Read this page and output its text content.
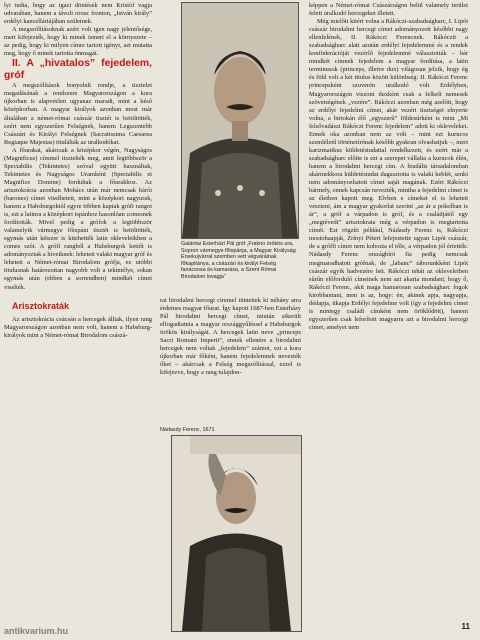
lyi tudta, hogy az igazi döntések nem Kristóf vagja udvarában, hanem a távoli orosz fronton, „István király” erdélyi kancelláriájában születnek.

A megszólításoknak azért volt igen nagy jelentősége, mert kifejezték, hogy ki minek ismert el a környezete – az pedig, hogy ki milyen címre tartott igényt, azt mutatta meg, hogy ő minek tartotta önmagát.

II. A „hivatalos” fejedelem, gróf

A megszólítások bonyolult rendje, a tisztelet megadásának a rendszere Magyarországon a kora újkorban is alapvetően ugyanaz maradt, mint a késő középkorban. A magyar királyok azonban most már általában a német-római császár tisztét is betöltötték, ezért nem egyszerűen Felségnek, hanem Legszentebb Császári és Királyi Felségnek (Sacratissima Caesarea Regiaque Majestas) titulálták az uralkodókat.

A főurakat, akárcsak a középkor végén, Nagyságos (Magnificus) címmel tisztelték meg, amit legtöbbször a Spectabilis (Tekintetes) szóval együtt használtak, Tekintetes és Nagyságos Uramként (Spectabilis et Magnifice Domine) fordultak a főurakhoz. Az arisztokrácia azonban Mohács után már nemcsak bárói (barones) címet viselhetett, mint a középkori nagyurak, hanem a Habsburgoktól egyre többen kaptak grófi rangot is, ezt a latinra a középkori ispánhoz hasonlóan comesnek fordították. Mivel pedig a grófok a legtöbbször valamelyik vármegye főispáni tisztét is betöltötték, egymás után kétszer is kitehették latin okleveleikben a comes szót. A grófi rangból a Habsburgok kettőt is adományoztak a híveiknek: lehetett valaki magyar gróf és lehetett a Német-római Birodalom grófja, ez utóbbi titulusnak határozottan nagyobb volt a tekintélye, sokan egymás után (ebben a sorrendben) mindkét címet viselték.

Arisztokraták

Az arisztokrácia csúcsán a hercegek álltak, ilyen rang Magyarországon azonban nem volt, hanem a Habsburg-királyok mint a Német-római Birodalom császá-

Galántai Esterházi Pál gróf „Frakno örökös ura, Sopron vármegye főispánja, a Magyar Királyság Érsekujvárral szemben vett végváráinak főkapitánya, a császári és királyi Felség fanácsosa és kamarása, a Szent Római Birodalom lovagja”

rai birodalmi hercegi címmel tüntettek ki néhány arra érdemes magyar főurat. Így kapott 1687-ben Esterházy Pál birodalmi hercegi címet, miután sikerült elfogadtatnia a magyar országgyűléssel a Habsburgok örökös királyságát. A hercegek latin neve „princeps Sacri Romani Imperii”, ennek ellenére a birodalmi hercegek nem voltak „fejedelem” számot, ezt a kora újkorban már főként, hanem fejedelemnek nevezték őket – akárcsak a Felség megszólítással, ezzel is kifejezve, hogy a rang tulajdon-

Nádasdy Ferenc, 1671

képpen a Német-római Császárságon belül valamely terület felett uralkodó hercegeket illetett.

Még mielőtt kitért volna a Rákóczi-szabadságharc, I. Lipót császár birodalmi hercegi címet adományozott későbbi nagy ellenfelének, II. Rákóczi Ferencnek. Rákóczit a szabadságharc alatt azután erdélyi fejedelemmé és a rendek konföderációját vezérlő fejedelemmé választották – bár mindkét címnek fejedelem a magyar fordítása, a latin terminusok (princeps, illetve dux) világosan jelzik, hogy ég és föld volt a két titulus között különbség: II. Rákóczi Ferenc princepsként szuverén uralkodó volt Erdélyben, Magyarországon viszont duxként csak a felkelt nemesek szövetségének „vezére”. Rákóczi azonban még azelőtt, hogy az erdélyi fejedelmi címet, akár vezéri tisztséget elnyerte volna, a birtokán élő „egyszerű” földesúrként is mint „Mi felsővadászi Rákóczi Ferenc fejedelem” adott ki okleveleket. Ennek oka azonban nem az volt – mint ezt kurucos szemléletű történetírónak később gyakran olvashatjuk –, mert karizmatikus küldetéstudattal rendelkezett, és ezért már a szabadságharc előtte is ezt a szerepet vállalta a kurucok élén, hanem a birodalmi hercegi cím. A feudális társadalomban akármekkora küldetéstudat dagasztotta is valaki keblét, senki nem adományozhatott címet saját magának. Ezért Rákóczi bármely, ennek kapcsán nevezték, mintha a fejedelmi címet is az életben kapott meg. Elvben e címeket el is lehetett veszteni, ám a magyar gyakorlat szerint „az ár a pokolban is ár”, a gróf a várpadon is gróf, és a családjától egy „megtévedt” arisztokrata még a vérpadon is megtartotta címét. Ezt rögzíti például, Nádasdy Ferenc is, Rákóczi mostohaapját, Zrínyi Pétert lefejeztette ugyan Lipót császár, de a gróffi címet nem kobozta el tőle, a vérpadon jól értették: Nádasdy Ferenc országbíró fia pedig nemcsak megmaradhatott grófnak, de „labanc” táborunkként Lipót császár egyik hadvezére lett. Rákóczi tehát az okleveleiben sűrűn előforduló címeinek nem azt akarta mondani, hogy ő, Rákóczi Ferenc, akit maga hamarosan szabadságharc fogok kirobbantani, nem is az, hogy: én, akinek apja, nagyapja, dédapja, ükapja Erdélyi fejedelme volt (így a fejedelmi címet is mintegy családi címként nem öröklődött), hanem egyszerűen csak leforított magyarra azt a birodalmi hercegi címet, amelyet nem

antikvarium.hu	11
